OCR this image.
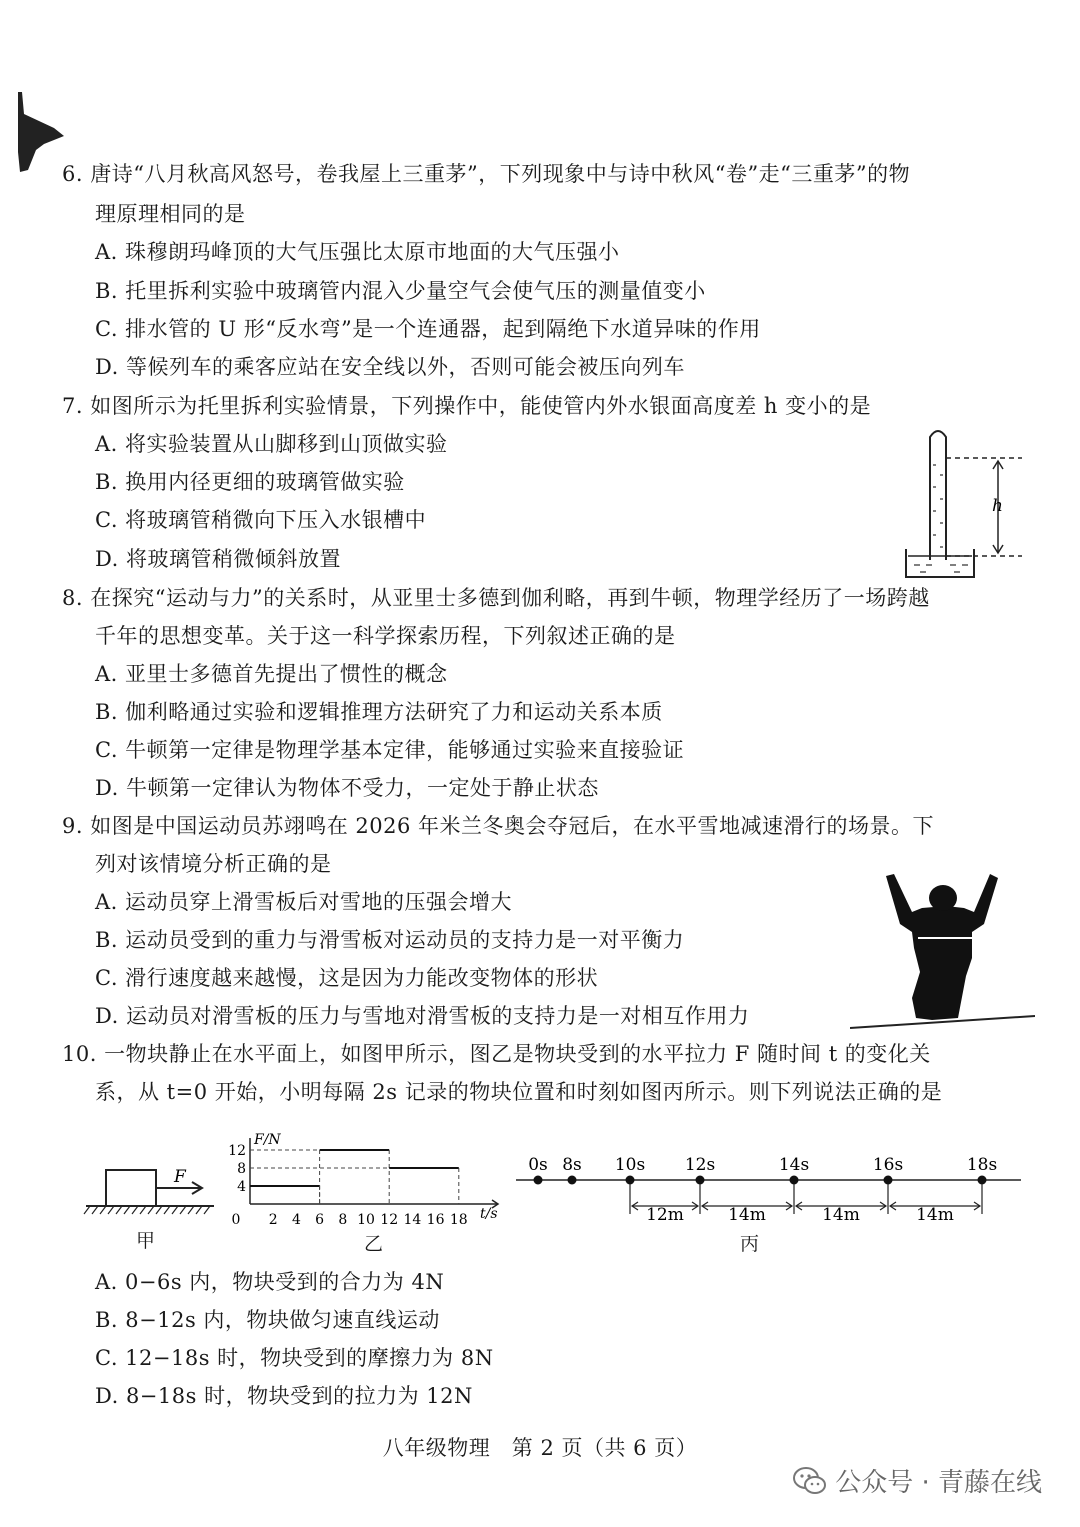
6. 唐诗“八月秋高风怒号，卷我屋上三重茅”，下列现象中与诗中秋风“卷”走“三重茅”的物
理原理相同的是
A. 珠穆朗玛峰顶的大气压强比太原市地面的大气压强小
B. 托里拆利实验中玻璃管内混入少量空气会使气压的测量值变小
C. 排水管的 U 形“反水弯”是一个连通器，起到隔绝下水道异味的作用
D. 等候列车的乘客应站在安全线以外，否则可能会被压向列车
7. 如图所示为托里拆利实验情景，下列操作中，能使管内外水银面高度差 h 变小的是
A. 将实验装置从山脚移到山顶做实验
B. 换用内径更细的玻璃管做实验
C. 将玻璃管稍微向下压入水银槽中
D. 将玻璃管稍微倾斜放置
h
8. 在探究“运动与力”的关系时，从亚里士多德到伽利略，再到牛顿，物理学经历了一场跨越
千年的思想变革。关于这一科学探索历程，下列叙述正确的是
A. 亚里士多德首先提出了惯性的概念
B. 伽利略通过实验和逻辑推理方法研究了力和运动关系本质
C. 牛顿第一定律是物理学基本定律，能够通过实验来直接验证
D. 牛顿第一定律认为物体不受力，一定处于静止状态
9. 如图是中国运动员苏翊鸣在 2026 年米兰冬奥会夺冠后，在水平雪地减速滑行的场景。下
列对该情境分析正确的是
A. 运动员穿上滑雪板后对雪地的压强会增大
B. 运动员受到的重力与滑雪板对运动员的支持力是一对平衡力
C. 滑行速度越来越慢，这是因为力能改变物体的形状
D. 运动员对滑雪板的压力与雪地对滑雪板的支持力是一对相互作用力
10. 一物块静止在水平面上，如图甲所示，图乙是物块受到的水平拉力 F 随时间 t 的变化关
系，从 t=0 开始，小明每隔 2s 记录的物块位置和时刻如图丙所示。则下列说法正确的是
F
甲
F/N
t/s
4
8
12
0 2 4 6 8 10 12 14 16 18
乙
0s 8s 10s 12s	14s	16s	18s
12m	14m	14m	14m
丙
A. 0−6s 内，物块受到的合力为 4N
B. 8−12s 内，物块做匀速直线运动
C. 12−18s 时，物块受到的摩擦力为 8N
D. 8−18s 时，物块受到的拉力为 12N
八年级物理　第 2 页（共 6 页）
公众号 · 青藤在线
